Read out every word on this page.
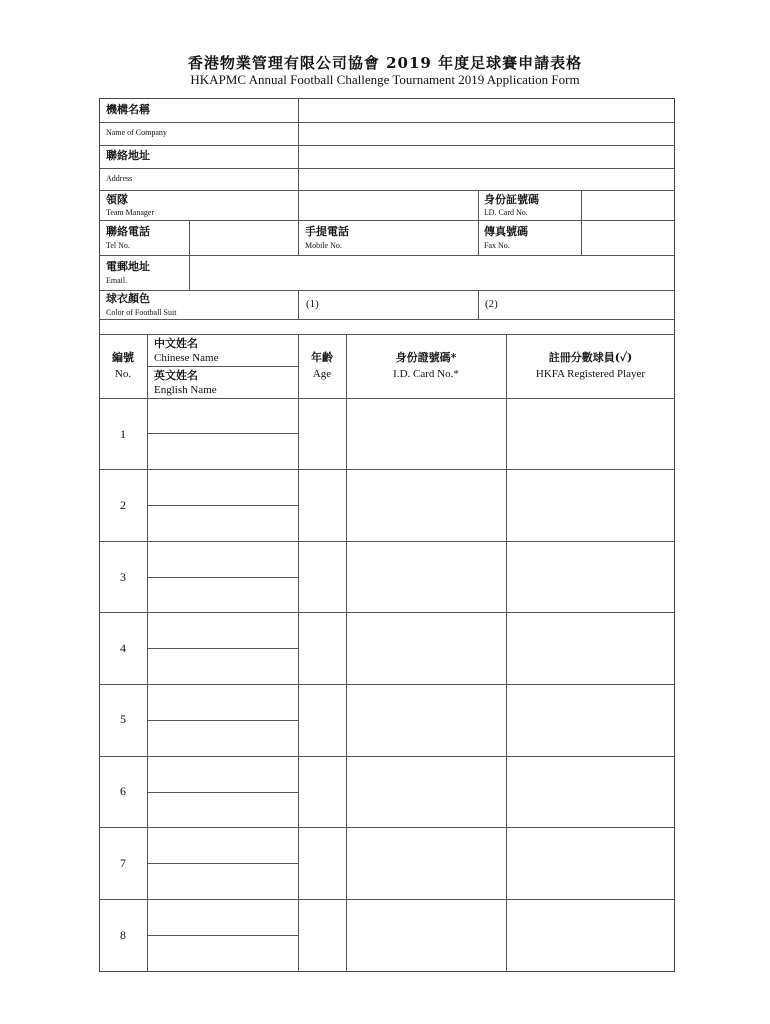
香港物業管理有限公司協會 2019 年度足球賽申請表格
HKAPMC Annual Football Challenge Tournament 2019 Application Form
機構名稱
Name of Company
聯絡地址
Address
領隊
Team Manager
身份証號碼
I.D. Card No.
聯絡電話
Tel No.
手提電話
Mobile No.
傳真號碼
Fax No.
電郵地址
Email.
球衣顏色
Color of Football Suit
(1)	(2)
編號
No.
中文姓名
Chinese Name
英文姓名
English Name
年齡
Age
身份證號碼*
I.D. Card No.*
註冊分數球員(✓)
HKFA Registered Player
1
2
3
4
5
6
7
8
